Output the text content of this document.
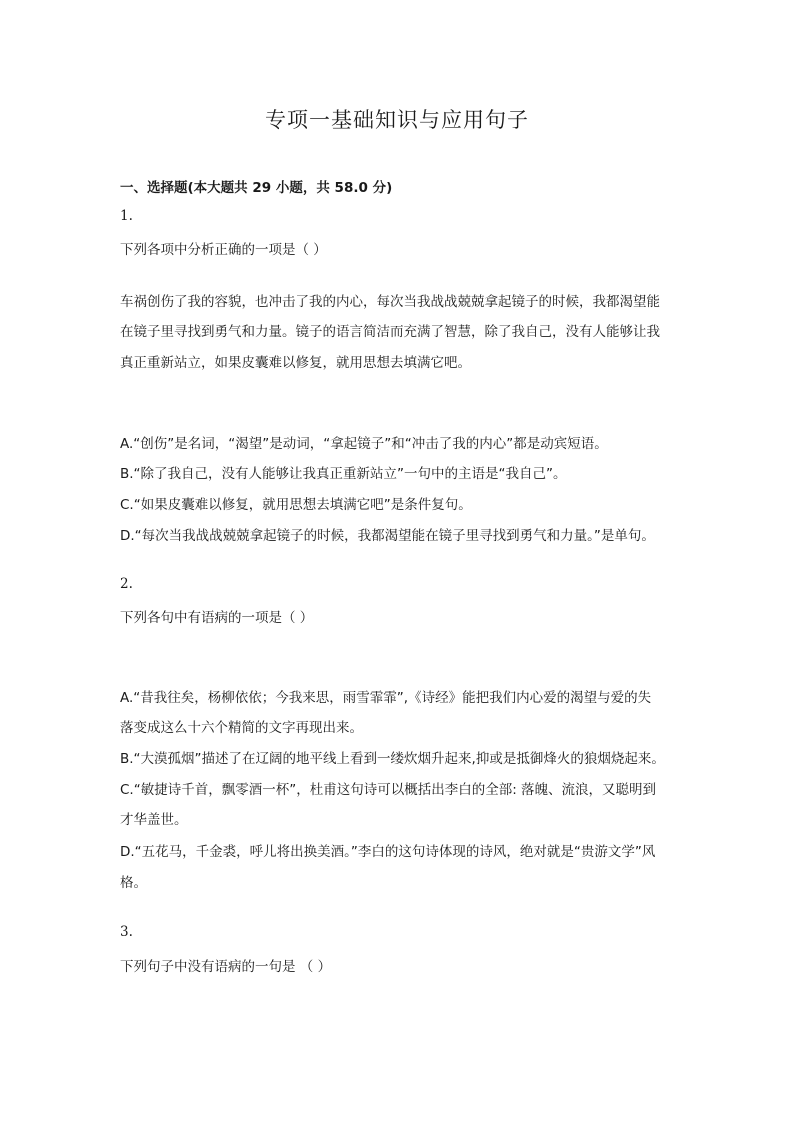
专项一基础知识与应用句子
一、选择题(本大题共 29 小题，共 58.0 分)
1.
下列各项中分析正确的一项是（ ）
车祸创伤了我的容貌，也冲击了我的内心，每次当我战战兢兢拿起镜子的时候，我都渴望能
在镜子里寻找到勇气和力量。镜子的语言简洁而充满了智慧，除了我自己，没有人能够让我
真正重新站立，如果皮囊难以修复，就用思想去填满它吧。
A.“创伤”是名词，“渴望”是动词，“拿起镜子”和“冲击了我的内心”都是动宾短语。
B.“除了我自己，没有人能够让我真正重新站立”一句中的主语是“我自己”。
C.“如果皮囊难以修复，就用思想去填满它吧”是条件复句。
D.“每次当我战战兢兢拿起镜子的时候，我都渴望能在镜子里寻找到勇气和力量。”是单句。
2.
下列各句中有语病的一项是（ ）
A.“昔我往矣，杨柳依依；今我来思，雨雪霏霏”,《诗经》能把我们内心爱的渴望与爱的失
落变成这么十六个精简的文字再现出来。
B.“大漠孤烟”描述了在辽阔的地平线上看到一缕炊烟升起来,抑或是抵御烽火的狼烟烧起来。
C.“敏捷诗千首，飘零酒一杯”，杜甫这句诗可以概括出李白的全部: 落魄、流浪，又聪明到
才华盖世。
D.“五花马，千金裘，呼儿将出换美酒。”李白的这句诗体现的诗风，绝对就是“贵游文学”风
格。
3.
下列句子中没有语病的一句是 （ ）
